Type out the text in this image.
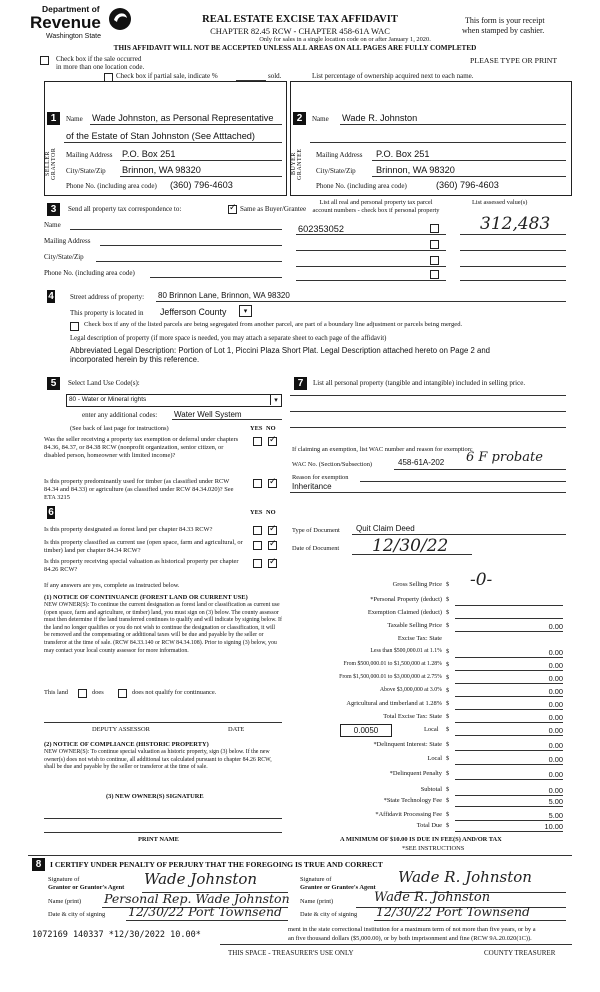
Department of
Revenue
Washington State
REAL ESTATE EXCISE TAX AFFIDAVIT
CHAPTER 82.45 RCW - CHAPTER 458-61A WAC
Only for sales in a single location code on or after January 1, 2020.
This form is your receipt
when stamped by cashier.
THIS AFFIDAVIT WILL NOT BE ACCEPTED UNLESS ALL AREAS ON ALL PAGES ARE FULLY COMPLETED
PLEASE TYPE OR PRINT
Check box if the sale occurred
in more than one location code.
Check box if partial sale, indicate %	sold.	List percentage of ownership acquired next to each name.
1
SELLER GRANTOR
Name Wade Johnston, as Personal Representative
of the Estate of Stan Johnston (See Atttached)
Mailing Address P.O. Box 251
City/State/Zip Brinnon, WA 98320
Phone No. (including area code) (360) 796-4603
2
BUYER GRANTEE
Name Wade R. Johnston
Mailing Address P.O. Box 251
City/State/Zip Brinnon, WA 98320
Phone No. (including area code)	(360) 796-4603
3	Send all property tax correspondence to: ✓	Same as Buyer/Grantee
Name
Mailing Address
City/State/Zip
Phone No. (including area code)
List all real and personal property tax parcel
account numbers - check box if personal property
List assessed value(s)
602353052	312,483
4 Street address of property: 80 Brinnon Lane, Brinnon, WA 98320
This property is located in Jefferson County	▾
Check box if any of the listed parcels are being segregated from another parcel, are part of a boundary line adjustment or parcels being merged.
Legal description of property (if more space is needed, you may attach a separate sheet to each page of the affidavit)
Abbreviated Legal Description: Portion of Lot 1, Piccini Plaza Short Plat. Legal Description attached hereto on Page 2 and incorporated herein by this reference.
5	Select Land Use Code(s):
80 - Water or Mineral rights	▾
enter any additional codes: Water Well System
(See back of last page for instructions)	YES NO
Was the seller receiving a property tax exemption or deferral under chapters 84.36, 84.37, or 84.38 RCW (nonprofit organization, senior citizen, or disabled person, homeowner with limited income)?
✓
Is this property predominantly used for timber (as classified under RCW 84.34 and 84.33) or agriculture (as classified under RCW 84.34.020)? See ETA 3215
✓
6	YES NO
Is this property designated as forest land per chapter 84.33 RCW?
✓
Is this property classified as current use (open space, farm and agricultural, or timber) land per chapter 84.34 RCW?
✓
Is this property receiving special valuation as historical property per chapter 84.26 RCW?
✓
If any answers are yes, complete as instructed below.
(1) NOTICE OF CONTINUANCE (FOREST LAND OR CURRENT USE)
NEW OWNER(S): To continue the current designation as forest land or classification as current use (open space, farm and agriculture, or timber) land, you must sign on (3) below. The county assessor must then determine if the land transferred continues to qualify and will indicate by signing below. If the land no longer qualifies or you do not wish to continue the designation or classification, it will be removed and the compensating or additional taxes will be due and payable by the seller or transferor at the time of sale. (RCW 84.33.140 or RCW 84.34.108). Prior to signing (3) below, you may contact your local county assessor for more information.
This land	does	does not qualify for continuance.
DEPUTY ASSESSOR	DATE
(2) NOTICE OF COMPLIANCE (HISTORIC PROPERTY)
NEW OWNER(S): To continue special valuation as historic property, sign (3) below. If the new owner(s) does not wish to continue, all additional tax calculated pursuant to chapter 84.26 RCW, shall be due and payable by the seller or transferor at the time of sale.
(3) NEW OWNER(S) SIGNATURE
PRINT NAME
7	List all personal property (tangible and intangible) included in selling price.
If claiming an exemption, list WAC number and reason for exemption:
WAC No. (Section/Subsection)	458-61A-202 6 F probate
Reason for exemption
Inheritance
Type of Document Quit Claim Deed
Date of Document 12/30/22
Gross Selling Price $ -0-
*Personal Property (deduct) $
Exemption Claimed (deduct) $
Taxable Selling Price $	0.00
Excise Tax: State
Less than $500,000.01 at 1.1% $	0.00
From $500,000.01 to $1,500,000 at 1.28% $	0.00
From $1,500,000.01 to $3,000,000 at 2.75% $	0.00
Above $3,000,000 at 3.0% $	0.00
Agricultural and timberland at 1.28% $	0.00
Total Excise Tax: State $	0.00
0.0050	Local $	0.00
*Delinquent Interest: State $	0.00
Local $	0.00
*Delinquent Penalty $	0.00
Subtotal $	0.00
*State Technology Fee $	5.00
*Affidavit Processing Fee $	5.00
Total Due $	10.00
A MINIMUM OF $10.00 IS DUE IN FEE(S) AND/OR TAX
*SEE INSTRUCTIONS
8	I CERTIFY UNDER PENALTY OF PERJURY THAT THE FOREGOING IS TRUE AND CORRECT
Signature of
Grantor or Grantor's Agent Wade Johnston
Name (print) Personal Rep. Wade Johnston
Date & city of signing 12/30/22 Port Townsend
Signature of
Grantee or Grantee's Agent
Wade R. Johnston
Name (print)	Wade R. Johnston
Date & city of signing 12/30/22 Port Townsend
ment in the state correctional institution for a maximum term of not more than five years, or by a
an five thousand dollars ($5,000.00), or by both imprisonment and fine (RCW 9A.20.020(1C)).
1072169 140337 *12/30/2022 10.00*
THIS SPACE - TREASURER'S USE ONLY	COUNTY TREASURER
